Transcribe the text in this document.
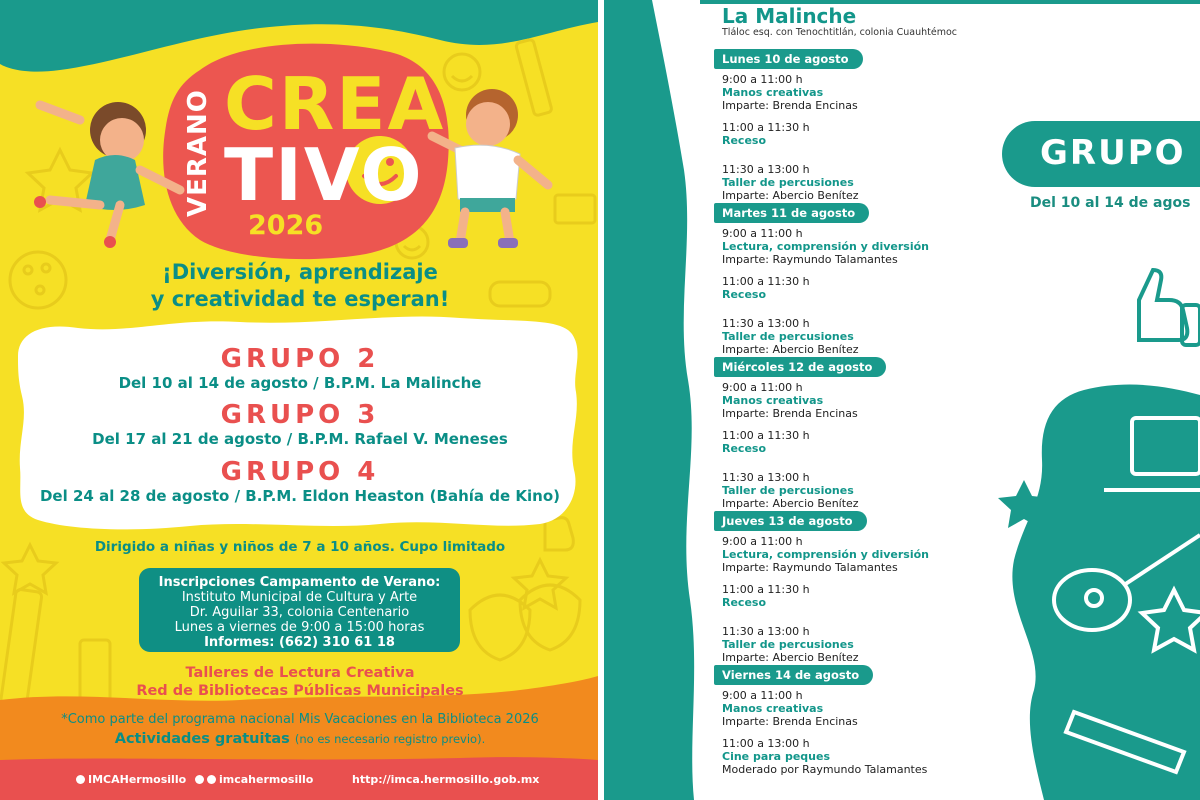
VERANO CREA
TIVO
2026
¡Diversión, aprendizaje
y creatividad te esperan!
GRUPO 2
Del 10 al 14 de agosto / B.P.M. La Malinche
GRUPO 3
Del 17 al 21 de agosto / B.P.M. Rafael V. Meneses
GRUPO 4
Del 24 al 28 de agosto / B.P.M. Eldon Heaston (Bahía de Kino)
Dirigido a niñas y niños de 7 a 10 años. Cupo limitado
Inscripciones Campamento de Verano:
Instituto Municipal de Cultura y Arte
Dr. Aguilar 33, colonia Centenario
Lunes a viernes de 9:00 a 15:00 horas
Informes: (662) 310 61 18
Talleres de Lectura Creativa
Red de Bibliotecas Públicas Municipales
*Como parte del programa nacional Mis Vacaciones en la Biblioteca 2026
Actividades gratuitas (no es necesario registro previo).
IMCAHermosillo	imcahermosillo	http://imca.hermosillo.gob.mx
La Malinche
Tláloc esq. con Tenochtitlán, colonia Cuauhtémoc
GRUPO
Del 10 al 14 de agos
Lunes 10 de agosto
9:00 a 11:00 h
Manos creativas
Imparte: Brenda Encinas
11:00 a 11:30 h
Receso
11:30 a 13:00 h
Taller de percusiones
Imparte: Abercio Benítez
Martes 11 de agosto
9:00 a 11:00 h
Lectura, comprensión y diversión
Imparte: Raymundo Talamantes
11:00 a 11:30 h
Receso
11:30 a 13:00 h
Taller de percusiones
Imparte: Abercio Benítez
Miércoles 12 de agosto
9:00 a 11:00 h
Manos creativas
Imparte: Brenda Encinas
11:00 a 11:30 h
Receso
11:30 a 13:00 h
Taller de percusiones
Imparte: Abercio Benítez
Jueves 13 de agosto
9:00 a 11:00 h
Lectura, comprensión y diversión
Imparte: Raymundo Talamantes
11:00 a 11:30 h
Receso
11:30 a 13:00 h
Taller de percusiones
Imparte: Abercio Benítez
Viernes 14 de agosto
9:00 a 11:00 h
Manos creativas
Imparte: Brenda Encinas
11:00 a 13:00 h
Cine para peques
Moderado por Raymundo Talamantes
